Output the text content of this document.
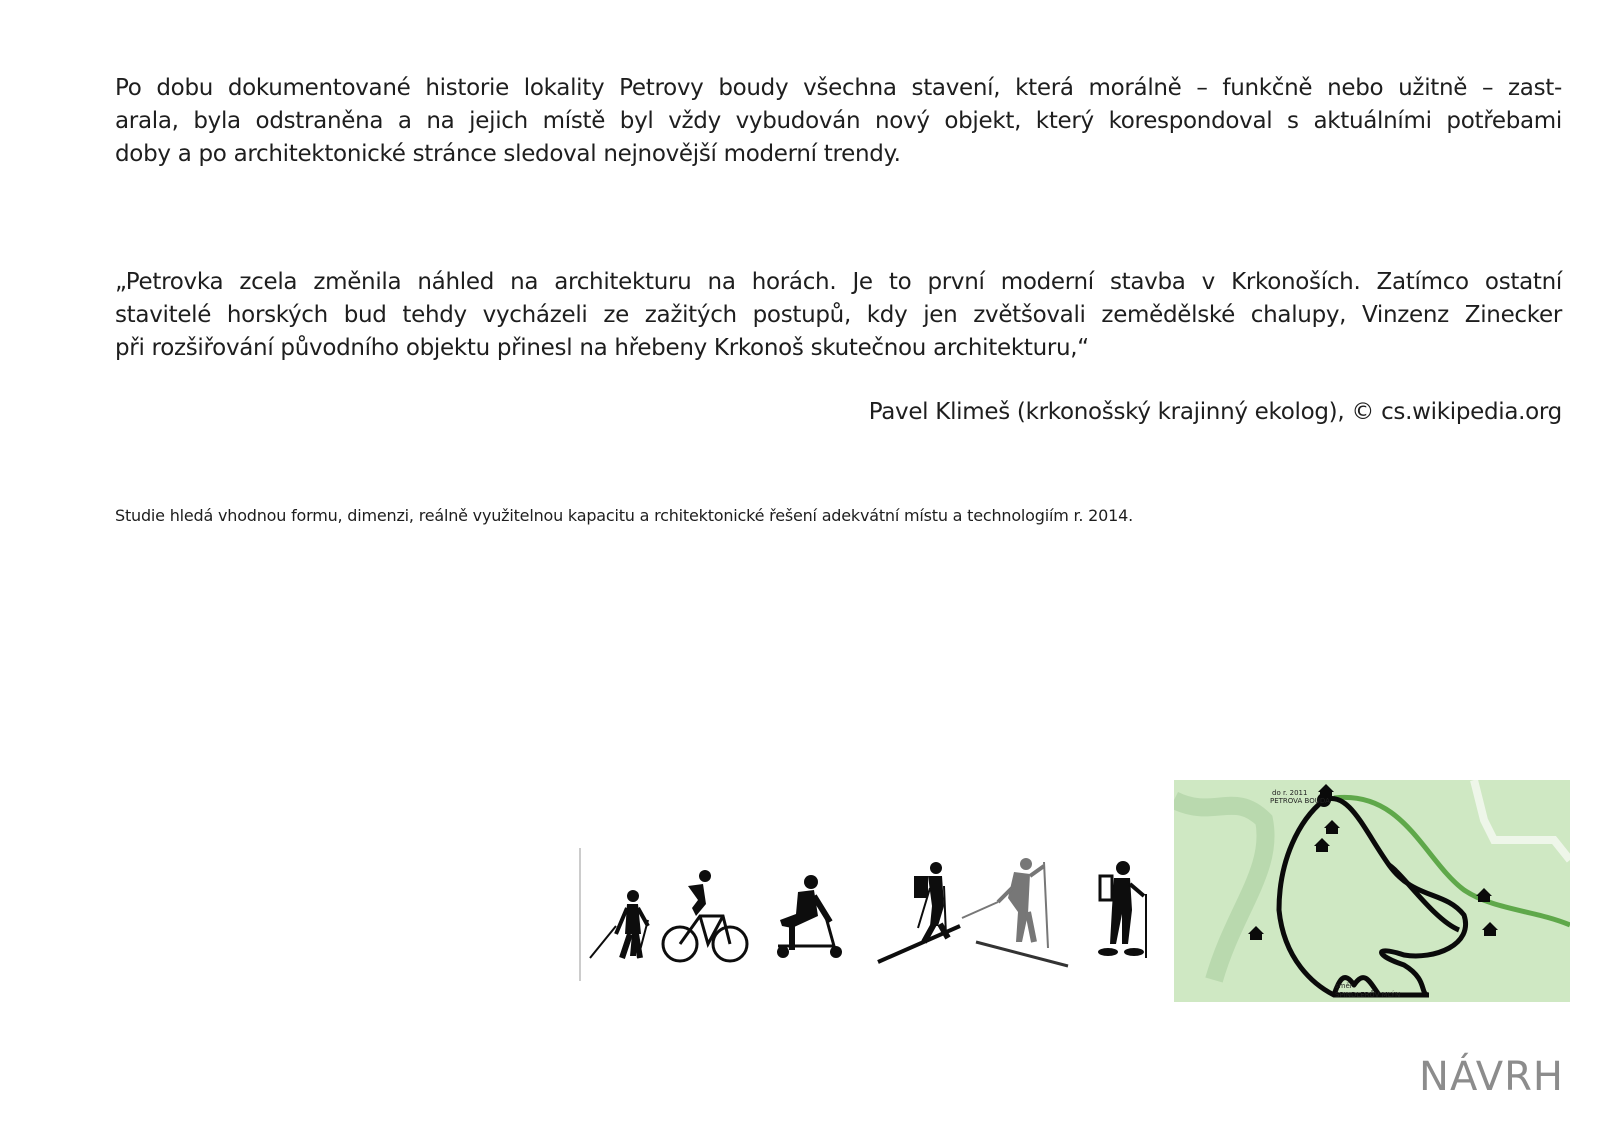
Po dobu dokumentované historie lokality Petrovy boudy všechna stavení, která morálně – funkčně nebo užitně – zast-
arala, byla odstraněna a na jejich místě byl vždy vybudován nový objekt, který korespondoval s aktuálními potřebami
doby a po architektonické stránce sledoval nejnovější moderní trendy.
„Petrovka zcela změnila náhled na architekturu na horách. Je to první moderní stavba v Krkonoších. Zatímco ostatní
stavitelé horských bud tehdy vycházeli ze zažitých postupů, kdy jen zvětšovali zemědělské chalupy, Vinzenz Zinecker
při rozšiřování původního objektu přinesl na hřebeny Krkonoš skutečnou architekturu,“
Pavel Klimeš (krkonošský krajinný ekolog), © cs.wikipedia.org
Studie hledá vhodnou formu, dimenzi, reálně využitelnou kapacitu a rchitektonické řešení adekvátní místu a technologiím r. 2014.
do r. 2011
PETROVA BOUDA
směr
ŠPINDLERŮV MLÝN
NÁVRH
